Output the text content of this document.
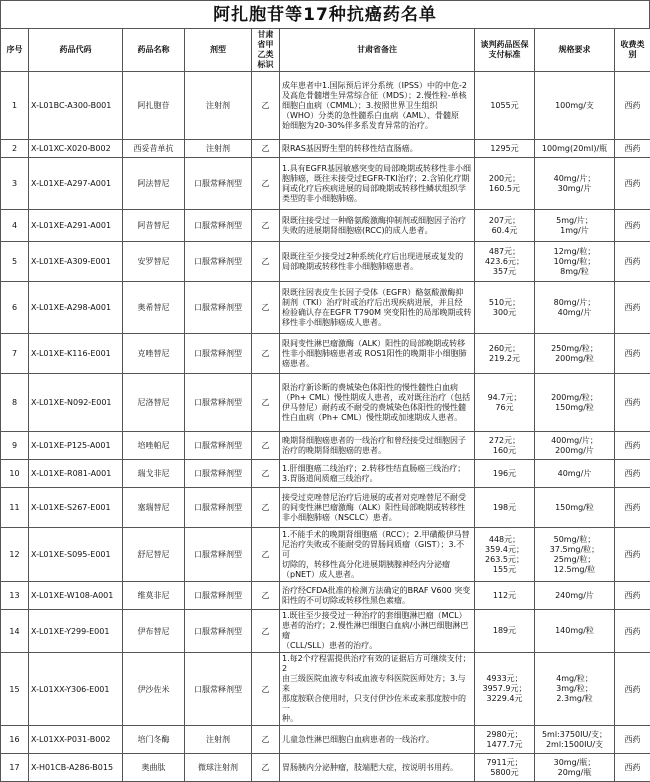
阿扎胞苷等17种抗癌药名单
序号	药品代码	药品名称	剂型	甘肃省甲乙类标识	甘肃省备注	谈判药品医保支付标准	规格要求	收费类别
1	X-L01BC-A300-B001	阿扎胞苷	注射剂	乙	成年患者中1.国际预后评分系统（IPSS）中的中危-2
及高危骨髓增生异常综合征（MDS）；2.慢性粒-单核
细胞白血病（CMML）；3.按照世界卫生组织
（WHO）分类的急性髓系白血病（AML）、骨髓原
始细胞为20-30%伴多系发育异常的治疗。	1055元	100mg/支	西药
2	X-L01XC-X020-B002	西妥昔单抗	注射剂	乙	限RAS基因野生型的转移性结直肠癌。	1295元	100mg(20ml)/瓶	西药
3	X-L01XE-A297-A001	阿法替尼	口服常释剂型	乙	1.具有EGFR基因敏感突变的局部晚期或转移性非小细
胞肺癌，既往未接受过EGFR-TKI治疗；2.含铂化疗期
间或化疗后疾病进展的局部晚期或转移性鳞状组织学
类型的非小细胞肺癌。	200元；
160.5元	40mg/片；
30mg/片	西药
4	X-L01XE-A291-A001	阿昔替尼	口服常释剂型	乙	限既往接受过一种酪氨酸激酶抑制剂或细胞因子治疗
失败的进展期肾细胞癌(RCC)的成人患者。	207元；
60.4元	5mg/片；
1mg/片	西药
5	X-L01XE-A309-E001	安罗替尼	口服常释剂型	乙	限既往至少接受过2种系统化疗后出现进展或复发的
局部晚期或转移性非小细胞肺癌患者。	487元；
423.6元；
357元	12mg/粒；
10mg/粒；
8mg/粒	西药
6	X-L01XE-A298-A001	奥希替尼	口服常释剂型	乙	限既往因表皮生长因子受体（EGFR）酪氨酸激酶抑
制剂（TKI）治疗时或治疗后出现疾病进展，并且经
检验确认存在EGFR T790M 突变阳性的局部晚期或转
移性非小细胞肺癌成人患者。	510元；
300元	80mg/片；
40mg/片	西药
7	X-L01XE-K116-E001	克唑替尼	口服常释剂型	乙	限间变性淋巴瘤激酶（ALK）阳性的局部晚期或转移
性非小细胞肺癌患者或 ROS1阳性的晚期非小细胞肺
癌患者。	260元；
219.2元	250mg/粒；
200mg/粒	西药
8	X-L01XE-N092-E001	尼洛替尼	口服常释剂型	乙	限治疗新诊断的费城染色体阳性的慢性髓性白血病
（Ph+ CML）慢性期成人患者，或对既往治疗（包括
伊马替尼）耐药或不耐受的费城染色体阳性的慢性髓
性白血病（Ph+ CML）慢性期或加速期成人患者。	94.7元；
76元	200mg/粒；
150mg/粒	西药
9	X-L01XE-P125-A001	培唑帕尼	口服常释剂型	乙	晚期肾细胞癌患者的一线治疗和曾经接受过细胞因子
治疗的晚期肾细胞癌的患者。	272元；
160元	400mg/片；
200mg/片	西药
10	X-L01XE-R081-A001	瑞戈非尼	口服常释剂型	乙	1.肝细胞癌二线治疗；2.转移性结直肠癌三线治疗；
3.胃肠道间质瘤三线治疗。	196元	40mg/片	西药
11	X-L01XE-S267-E001	塞瑞替尼	口服常释剂型	乙	接受过克唑替尼治疗后进展的或者对克唑替尼不耐受
的间变性淋巴瘤激酶（ALK）阳性局部晚期或转移性
非小细胞肺癌（NSCLC）患者。	198元	150mg/粒	西药
12	X-L01XE-S095-E001	舒尼替尼	口服常释剂型	乙	1.不能手术的晚期肾细胞癌（RCC）；2.甲磺酸伊马替
尼治疗失败或不能耐受的胃肠间质瘤（GIST）；3.不可
切除的，转移性高分化进展期胰腺神经内分泌瘤
（pNET）成人患者。	448元；
359.4元；
263.5元；
155元	50mg/粒；
37.5mg/粒；
25mg/粒；
12.5mg/粒	西药
13	X-L01XE-W108-A001	维莫非尼	口服常释剂型	乙	治疗经CFDA批准的检测方法确定的BRAF V600 突变
阳性的不可切除或转移性黑色素瘤。	112元	240mg/片	西药
14	X-L01XE-Y299-E001	伊布替尼	口服常释剂型	乙	1.既往至少接受过一种治疗的套细胞淋巴瘤（MCL）
患者的治疗；2.慢性淋巴细胞白血病/小淋巴细胞淋巴瘤
（CLL/SLL）患者的治疗。	189元	140mg/粒	西药
15	X-L01XX-Y306-E001	伊沙佐米	口服常释剂型	乙	1.每2个疗程需提供治疗有效的证据后方可继续支付；2
由三级医院血液专科或血液专科医院医师处方；3.与来
那度胺联合使用时，只支付伊沙佐米或来那度胺中的一
种。	4933元；
3957.9元；
3229.4元	4mg/粒；
3mg/粒；
2.3mg/粒	西药
16	X-L01XX-P031-B002	培门冬酶	注射剂	乙	儿童急性淋巴细胞白血病患者的一线治疗。	2980元；
1477.7元	5ml:3750IU/支；
2ml:1500IU/支	西药
17	X-H01CB-A286-B015	奥曲肽	微球注射剂	乙	胃肠胰内分泌肿瘤，肢端肥大症，按说明书用药。	7911元；
5800元	30mg/瓶；
20mg/瓶	西药
